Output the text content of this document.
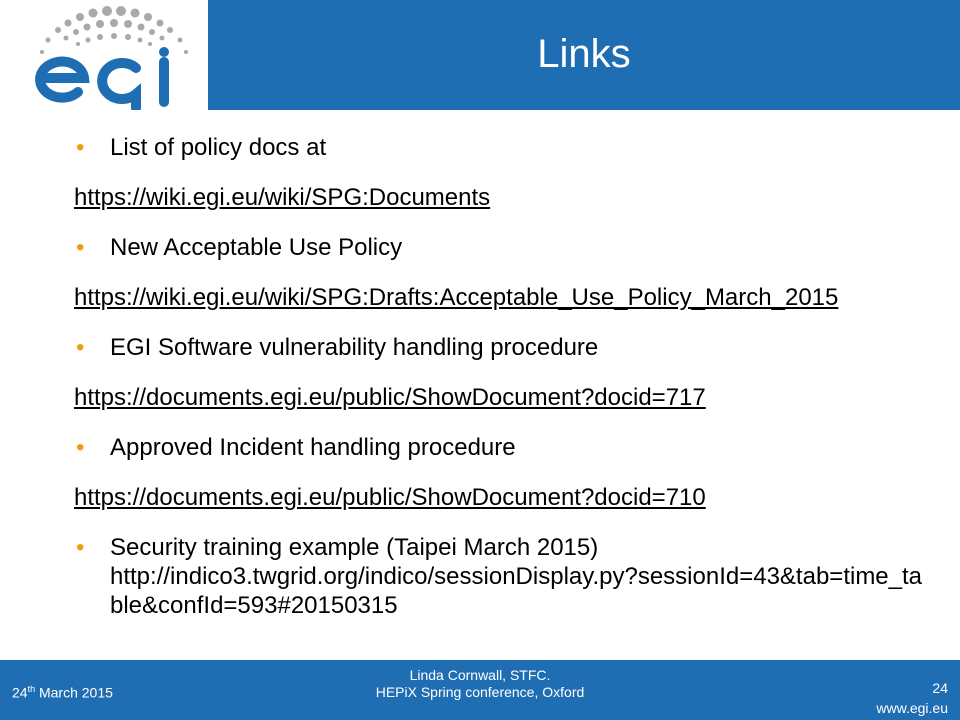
Links
• List of policy docs at
https://wiki.egi.eu/wiki/SPG:Documents
• New Acceptable Use Policy
https://wiki.egi.eu/wiki/SPG:Drafts:Acceptable_Use_Policy_March_2015
• EGI Software vulnerability handling procedure
https://documents.egi.eu/public/ShowDocument?docid=717
• Approved Incident handling procedure
https://documents.egi.eu/public/ShowDocument?docid=710
• Security training example (Taipei March 2015)
http://indico3.twgrid.org/indico/sessionDisplay.py?sessionId=43&tab=time_table&confId=593#20150315
24th March 2015
Linda Cornwall, STFC.
HEPiX Spring conference, Oxford	24
www.egi.eu
